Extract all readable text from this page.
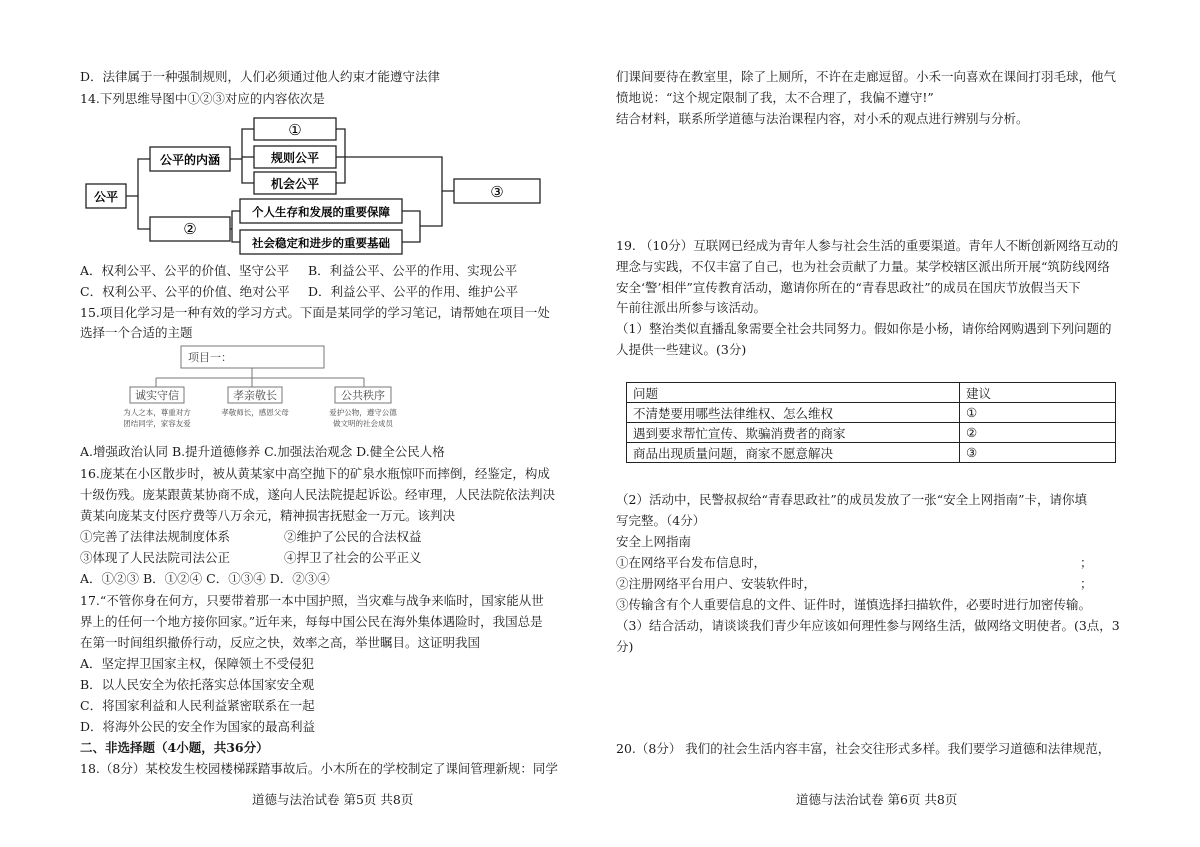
D．法律属于一种强制规则，人们必须通过他人约束才能遵守法律
14.下列思维导图中①②③对应的内容依次是
公平
公平的内涵
①
规则公平
机会公平	③
②
个人生存和发展的重要保障
社会稳定和进步的重要基础
A．权利公平、公平的价值、坚守公平 B．利益公平、公平的作用、实现公平
C．权利公平、公平的价值、绝对公平 D．利益公平、公平的作用、维护公平
15.项目化学习是一种有效的学习方式。下面是某同学的学习笔记，请帮她在项目一处
选择一个合适的主题
项目一：
诚实守信	孝亲敬长	公共秩序
为人之本，尊重对方
团结同学，家容友爱
孝敬师长，感恩父母	爱护公物，遵守公德
做文明的社会成员
A.增强政治认同 B.提升道德修养 C.加强法治观念 D.健全公民人格
16.庞某在小区散步时，被从黄某家中高空抛下的矿泉水瓶惊吓而摔倒，经鉴定，构成
十级伤残。庞某跟黄某协商不成，遂向人民法院提起诉讼。经审理，人民法院依法判决
黄某向庞某支付医疗费等八万余元，精神损害抚慰金一万元。该判决
①完善了法律法规制度体系	②维护了公民的合法权益
③体现了人民法院司法公正	④捍卫了社会的公平正义
A．①②③ B．①②④ C．①③④ D．②③④
17.“不管你身在何方，只要带着那一本中国护照，当灾难与战争来临时，国家能从世
界上的任何一个地方接你回家。”近年来，每每中国公民在海外集体遇险时，我国总是
在第一时间组织撤侨行动，反应之快，效率之高，举世瞩目。这证明我国
A．坚定捍卫国家主权，保障领土不受侵犯
B．以人民安全为依托落实总体国家安全观
C．将国家利益和人民利益紧密联系在一起
D．将海外公民的安全作为国家的最高利益
二、非选择题（4小题，共36分）
18.（8分）某校发生校园楼梯踩踏事故后。小木所在的学校制定了课间管理新规：同学
道德与法治试卷 第5页 共8页
们课间要待在教室里，除了上厕所，不许在走廊逗留。小禾一向喜欢在课间打羽毛球，他气
愤地说：“这个规定限制了我，太不合理了，我偏不遵守!”
结合材料，联系所学道德与法治课程内容，对小禾的观点进行辨别与分析。
19. （10分）互联网已经成为青年人参与社会生活的重要渠道。青年人不断创新网络互动的
理念与实践，不仅丰富了自己，也为社会贡献了力量。某学校辖区派出所开展“筑防线网络
安全‘警’相伴”宣传教育活动，邀请你所在的“青春思政社”的成员在国庆节放假当天下
午前往派出所参与该活动。
（1）整治类似直播乱象需要全社会共同努力。假如你是小杨，请你给网购遇到下列问题的
人提供一些建议。(3分)
问题	建议
不清楚要用哪些法律维权、怎么维权	①
遇到要求帮忙宣传、欺骗消费者的商家	②
商品出现质量问题，商家不愿意解决	③
（2）活动中，民警叔叔给“青春思政社”的成员发放了一张“安全上网指南”卡，请你填
写完整。（4分）
安全上网指南
①在网络平台发布信息时，	；
②注册网络平台用户、安装软件时，	；
③传输含有个人重要信息的文件、证件时，谨慎选择扫描软件，必要时进行加密传输。
（3）结合活动，请谈谈我们青少年应该如何理性参与网络生活，做网络文明使者。(3点，3
分)
20.（8分） 我们的社会生活内容丰富，社会交往形式多样。我们要学习道德和法律规范，
道德与法治试卷 第6页 共8页
